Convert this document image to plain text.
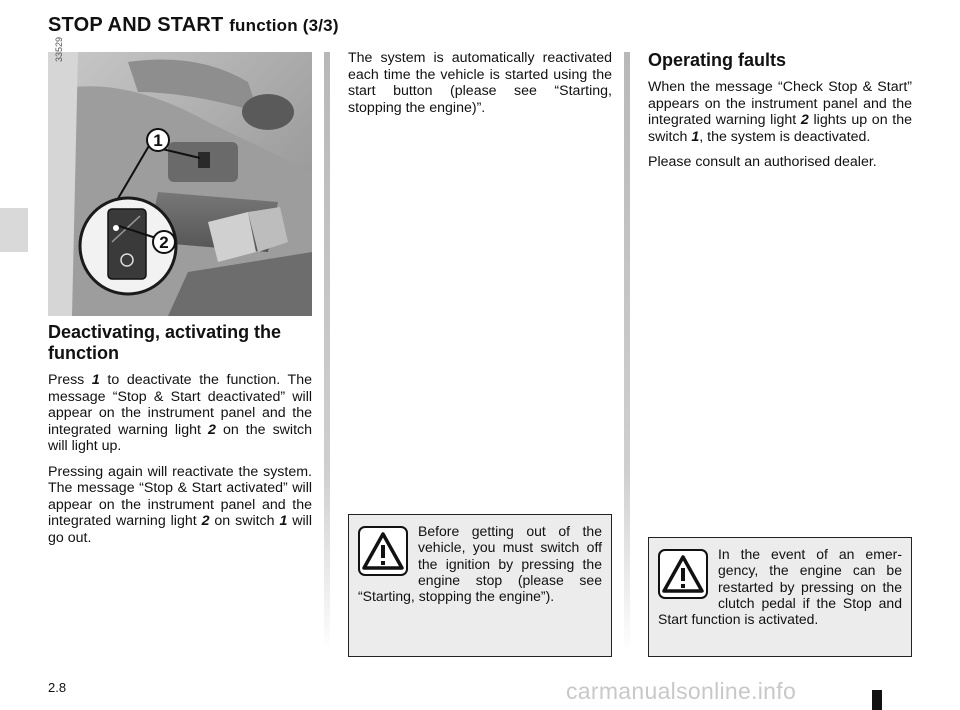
STOP AND START function (3/3)
1
2
33529
Deactivating, activating the function

Press 1 to deactivate the function. The message “Stop & Start deactivated” will appear on the instrument panel and the integrated warning light 2 on the switch will light up.

Pressing again will reactivate the system. The message “Stop & Start activated” will appear on the instrument panel and the integrated warning light 2 on switch 1 will go out.

The system is automatically reactivated each time the vehicle is started using the start button (please see “Starting, stopping the engine)”.

Before getting out of the vehicle, you must switch off the ignition by pressing the engine stop (please see “Starting, stopping the engine”).

Operating faults

When the message “Check Stop & Start” appears on the instrument panel and the integrated warning light 2 lights up on the switch 1, the system is deactivated.

Please consult an authorised dealer.

In the event of an emergency, the engine can be restarted by pressing on the clutch pedal if the Stop and Start function is activated.

2.8	carmanualsonline.info
